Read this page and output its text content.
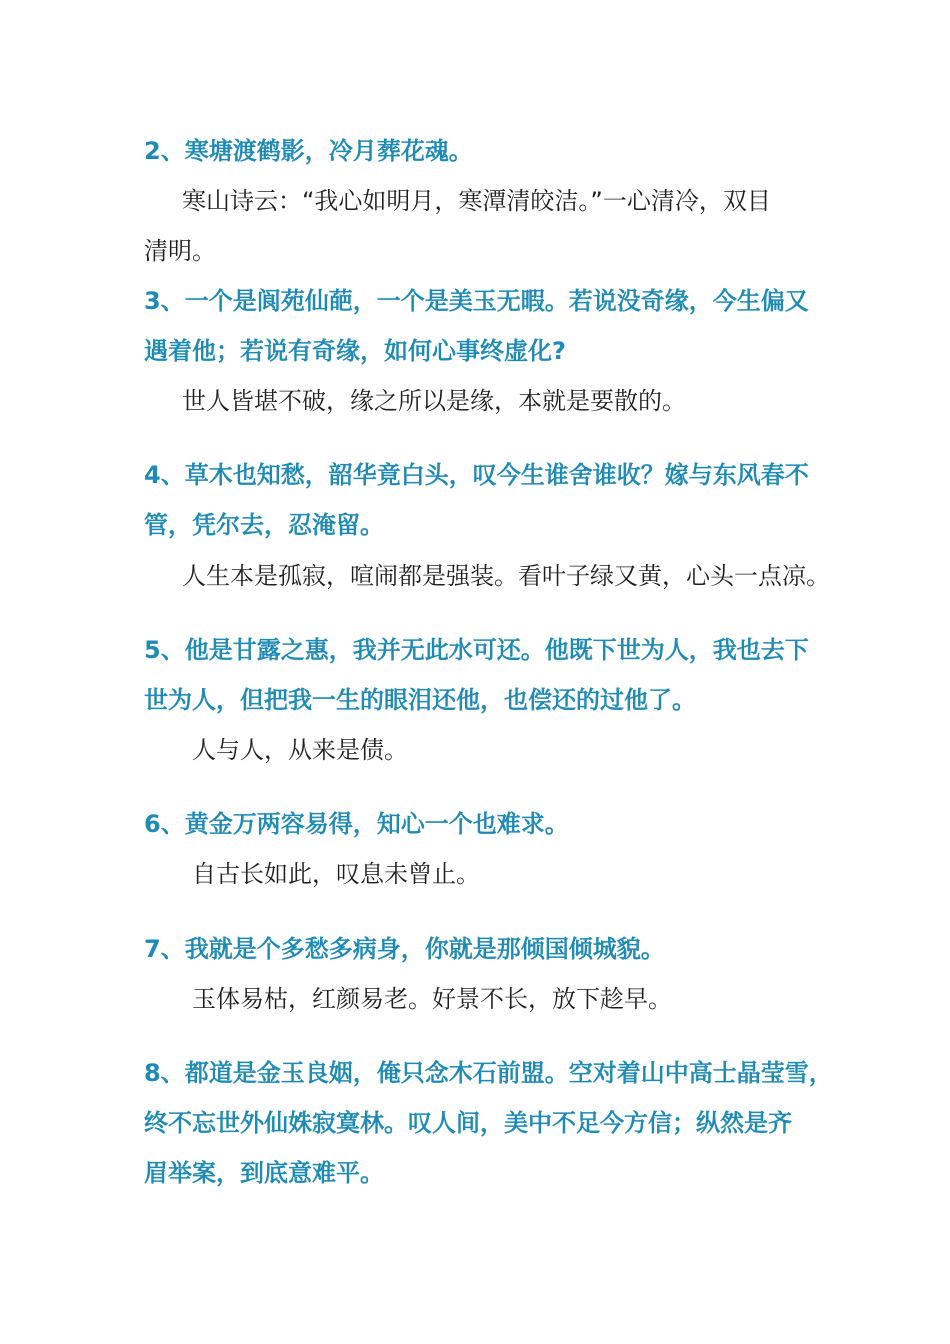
2、寒塘渡鹤影，冷月葬花魂。
寒山诗云：“我心如明月，寒潭清皎洁。”一心清冷，双目
清明。
3、一个是阆苑仙葩，一个是美玉无暇。若说没奇缘，今生偏又
遇着他；若说有奇缘，如何心事终虚化?
世人皆堪不破，缘之所以是缘，本就是要散的。
4、草木也知愁，韶华竟白头，叹今生谁舍谁收？嫁与东风春不
管，凭尔去，忍淹留。
人生本是孤寂，喧闹都是强装。看叶子绿又黄，心头一点凉。
5、他是甘露之惠，我并无此水可还。他既下世为人，我也去下
世为人，但把我一生的眼泪还他，也偿还的过他了。
人与人，从来是债。
6、黄金万两容易得，知心一个也难求。
自古长如此，叹息未曾止。
7、我就是个多愁多病身，你就是那倾国倾城貌。
玉体易枯，红颜易老。好景不长，放下趁早。
8、都道是金玉良姻，俺只念木石前盟。空对着山中高士晶莹雪，
终不忘世外仙姝寂寞林。叹人间，美中不足今方信；纵然是齐
眉举案，到底意难平。
